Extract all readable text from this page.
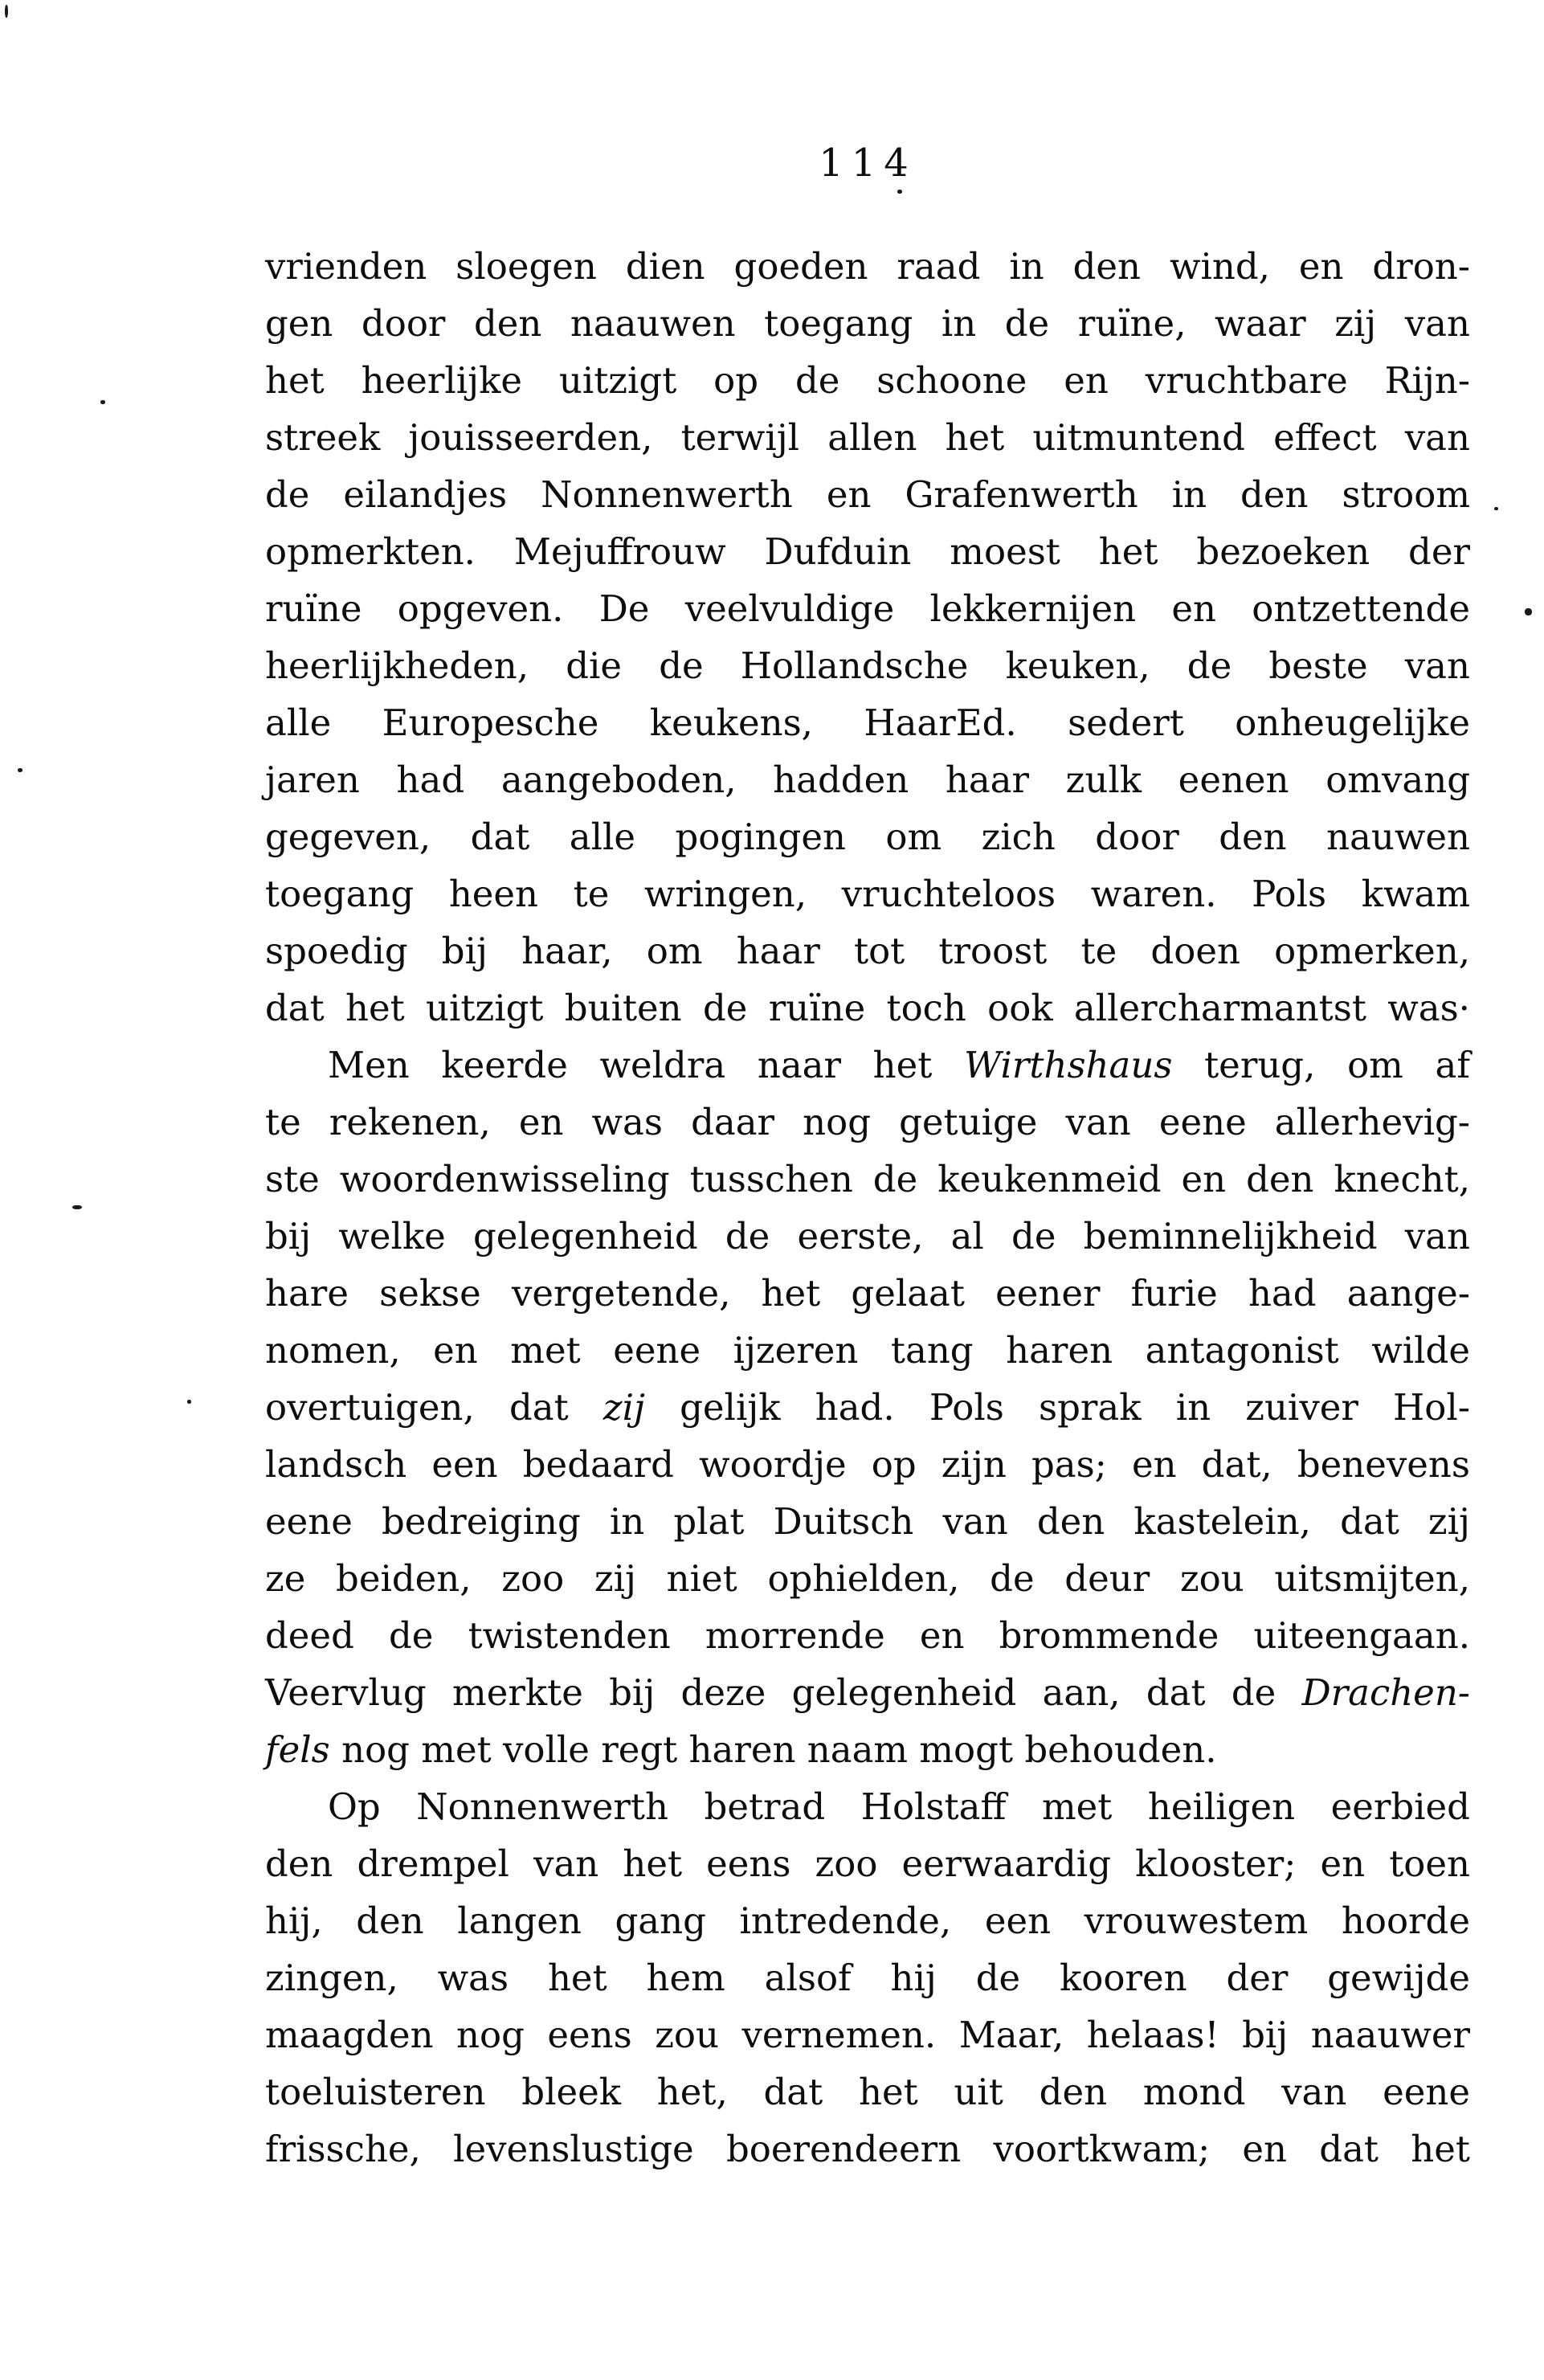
114
vrienden sloegen dien goeden raad in den wind, en dron-
gen door den naauwen toegang in de ruïne, waar zij van
het heerlijke uitzigt op de schoone en vruchtbare Rijn-
streek jouisseerden, terwijl allen het uitmuntend effect van
de eilandjes Nonnenwerth en Grafenwerth in den stroom
opmerkten. Mejuffrouw Dufduin moest het bezoeken der
ruïne opgeven. De veelvuldige lekkernijen en ontzettende
heerlijkheden, die de Hollandsche keuken, de beste van
alle Europesche keukens, HaarEd. sedert onheugelijke
jaren had aangeboden, hadden haar zulk eenen omvang
gegeven, dat alle pogingen om zich door den nauwen
toegang heen te wringen, vruchteloos waren. Pols kwam
spoedig bij haar, om haar tot troost te doen opmerken,
dat het uitzigt buiten de ruïne toch ook allercharmantst was·
Men keerde weldra naar het Wirthshaus terug, om af
te rekenen, en was daar nog getuige van eene allerhevig-
ste woordenwisseling tusschen de keukenmeid en den knecht,
bij welke gelegenheid de eerste, al de beminnelijkheid van
hare sekse vergetende, het gelaat eener furie had aange-
nomen, en met eene ijzeren tang haren antagonist wilde
overtuigen, dat zij gelijk had. Pols sprak in zuiver Hol-
landsch een bedaard woordje op zijn pas; en dat, benevens
eene bedreiging in plat Duitsch van den kastelein, dat zij
ze beiden, zoo zij niet ophielden, de deur zou uitsmijten,
deed de twistenden morrende en brommende uiteengaan.
Veervlug merkte bij deze gelegenheid aan, dat de Drachen-
fels nog met volle regt haren naam mogt behouden.
Op Nonnenwerth betrad Holstaff met heiligen eerbied
den drempel van het eens zoo eerwaardig klooster; en toen
hij, den langen gang intredende, een vrouwestem hoorde
zingen, was het hem alsof hij de kooren der gewijde
maagden nog eens zou vernemen. Maar, helaas! bij naauwer
toeluisteren bleek het, dat het uit den mond van eene
frissche, levenslustige boerendeern voortkwam; en dat het
